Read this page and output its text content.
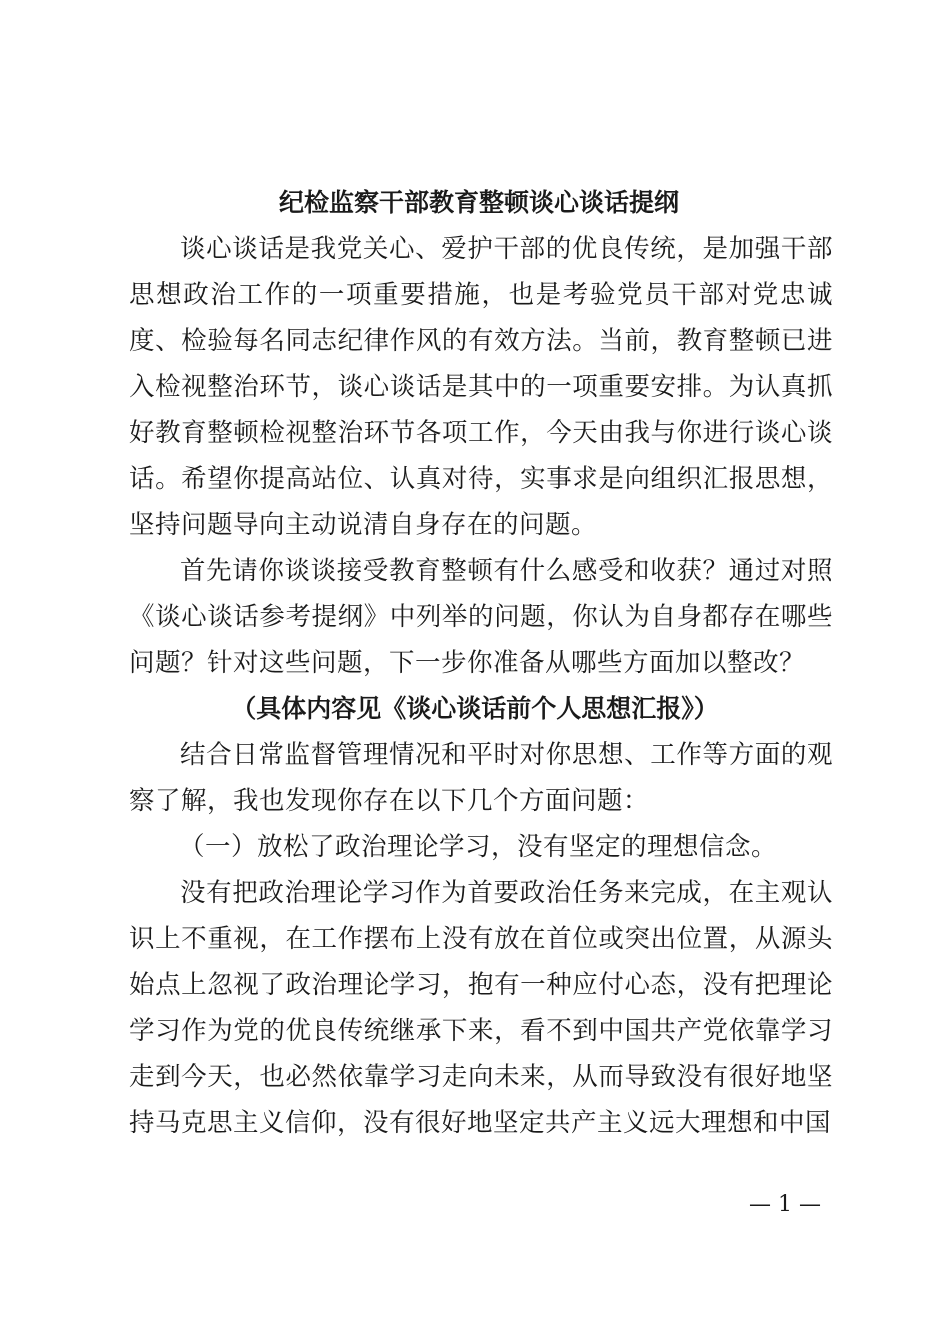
纪检监察干部教育整顿谈心谈话提纲

谈心谈话是我党关心、爱护干部的优良传统，是加强干部思想政治工作的一项重要措施，也是考验党员干部对党忠诚度、检验每名同志纪律作风的有效方法。当前，教育整顿已进入检视整治环节，谈心谈话是其中的一项重要安排。为认真抓好教育整顿检视整治环节各项工作，今天由我与你进行谈心谈话。希望你提高站位、认真对待，实事求是向组织汇报思想，坚持问题导向主动说清自身存在的问题。

首先请你谈谈接受教育整顿有什么感受和收获？通过对照《谈心谈话参考提纲》中列举的问题，你认为自身都存在哪些问题？针对这些问题，下一步你准备从哪些方面加以整改？

（具体内容见《谈心谈话前个人思想汇报》）

结合日常监督管理情况和平时对你思想、工作等方面的观察了解，我也发现你存在以下几个方面问题：

（一）放松了政治理论学习，没有坚定的理想信念。

没有把政治理论学习作为首要政治任务来完成，在主观认识上不重视，在工作摆布上没有放在首位或突出位置，从源头始点上忽视了政治理论学习，抱有一种应付心态，没有把理论学习作为党的优良传统继承下来，看不到中国共产党依靠学习走到今天，也必然依靠学习走向未来，从而导致没有很好地坚持马克思主义信仰，没有很好地坚定共产主义远大理想和中国

— 1 —
